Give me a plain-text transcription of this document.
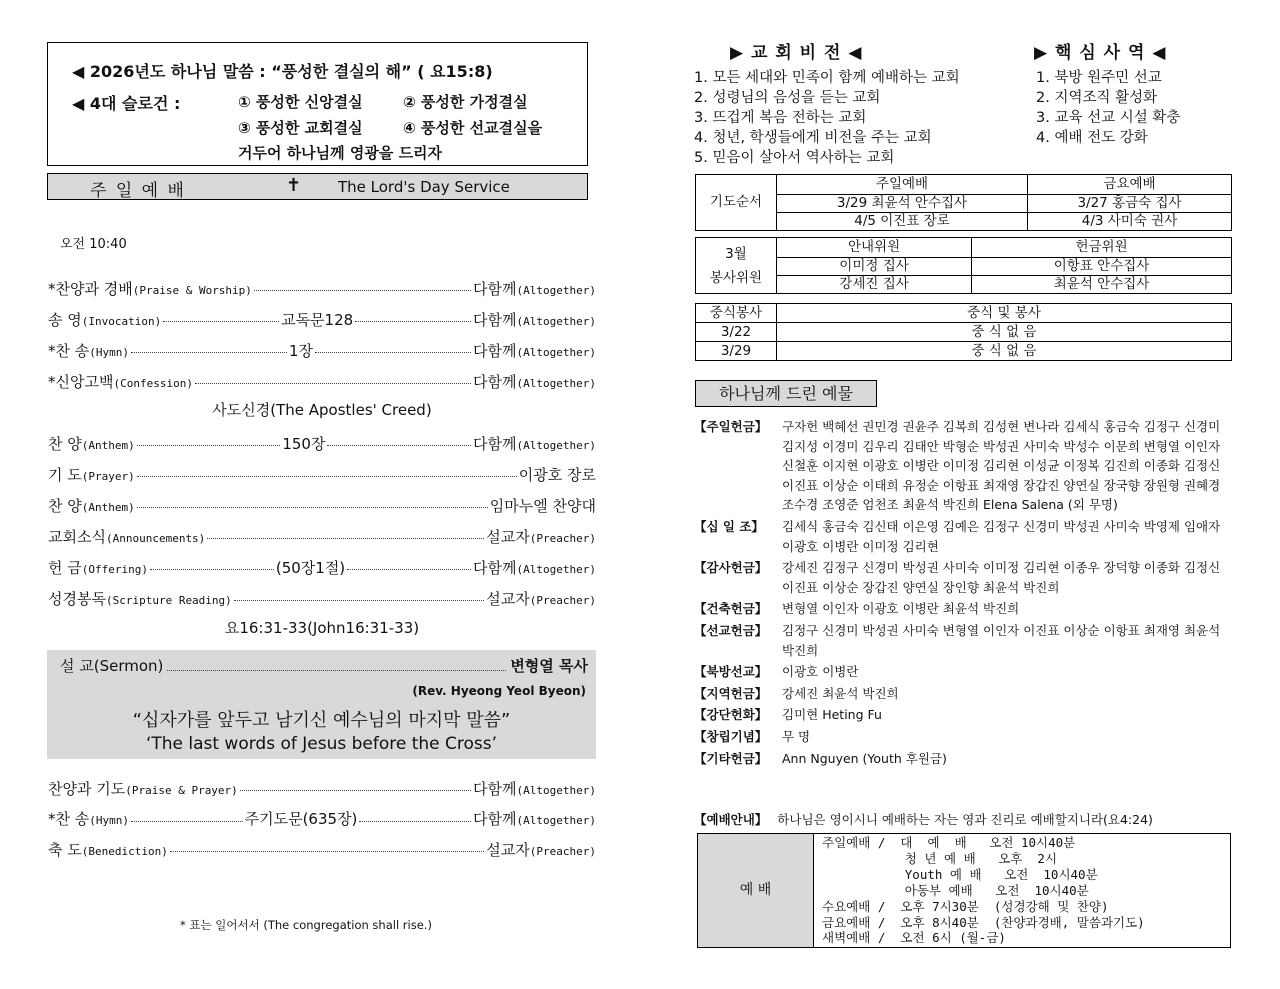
◀ 2026년도 하나님 말씀 : “풍성한 결실의 해” ( 요15:8)
◀ 4대 슬로건 :	① 풍성한 신앙결실	② 풍성한 가정결실
③ 풍성한 교회결실	④ 풍성한 선교결실을
거두어 하나님께 영광을 드리자
주 일 예 배	✝ The Lord's Day Service
오전 10:40
*찬양과 경배(Praise & Worship)	다함께(Altogether)
송 영(Invocation)	교독문128	다함께(Altogether)
*찬 송(Hymn)	1장	다함께(Altogether)
*신앙고백(Confession)	다함께(Altogether)
찬 양(Anthem)	150장	다함께(Altogether)
기 도(Prayer)	이광호 장로
찬 양(Anthem)	임마누엘 찬양대
교회소식(Announcements)	설교자(Preacher)
헌 금(Offering)	(50장1절)	다함께(Altogether)
성경봉독(Scripture Reading)	설교자(Preacher)
찬양과 기도(Praise & Prayer)	다함께(Altogether)
*찬 송(Hymn)	주기도문(635장)	다함께(Altogether)
축 도(Benediction)	설교자(Preacher)
사도신경(The Apostles' Creed)
요16:31-33(John16:31-33)
설 교(Sermon)	변형열 목사
(Rev. Hyeong Yeol Byeon)
“십자가를 앞두고 남기신 예수님의 마지막 말씀”
‘The last words of Jesus before the Cross’
* 표는 일어서서 (The congregation shall rise.)
▶ 교 회 비 전 ◀
1. 모든 세대와 민족이 함께 예배하는 교회
2. 성령님의 음성을 듣는 교회
3. 뜨겁게 복음 전하는 교회
4. 청년, 학생들에게 비전을 주는 교회
5. 믿음이 살아서 역사하는 교회
▶ 핵 심 사 역 ◀
1. 북방 원주민 선교
2. 지역조직 활성화
3. 교육 선교 시설 확충
4. 예배 전도 강화
기도순서	주일예배	금요예배
	3/29 최윤석 안수집사	3/27 홍금숙 집사
	4/5 이진표 장로	4/3 사미숙 권사
3월
봉사위원	안내위원	헌금위원
	이미정 집사	이항표 안수집사
	강세진 집사	최윤석 안수집사
중식봉사	중식 및 봉사
3/22	중 식 없 음
3/29	중 식 없 음
하나님께 드린 예물
【주일헌금】 구자헌 백혜선 권민경 권윤주 김복희 김성현 변나라 김세식 홍금숙 김정구 신경미 김지성 이경미 김우리 김태안 박형순 박성권 사미숙 박성수 이문희 변형열 이인자 신철훈 이지현 이광호 이병란 이미정 김리현 이성균 이정복 김진희 이종화 김정신 이진표 이상순 이태희 유정순 이항표 최재영 장갑진 양연실 장국향 장원형 권혜경 조수경 조영준 엄천조 최윤석 박진희 Elena Salena (외 무명)
【십 일 조】 김세식 홍금숙 김신태 이은영 김예은 김정구 신경미 박성권 사미숙 박영제 임애자 이광호 이병란 이미정 김리현
【감사헌금】 강세진 김정구 신경미 박성권 사미숙 이미정 김리현 이종우 장덕향 이종화 김정신 이진표 이상순 장갑진 양연실 장인향 최윤석 박진희
【건축헌금】 변형열 이인자 이광호 이병란 최윤석 박진희
【선교헌금】 김정구 신경미 박성권 사미숙 변형열 이인자 이진표 이상순 이항표 최재영 최윤석 박진희
【북방선교】 이광호 이병란
【지역헌금】 강세진 최윤석 박진희
【강단헌화】 김미현 Heting Fu
【창립기념】 무 명
【기타헌금】 Ann Nguyen (Youth 후원금)
【예배안내】 하나님은 영이시니 예배하는 자는 영과 진리로 예배할지니라(요4:24)
예 배
주일예배 /  대  예  배   오전 10시40분
청 년 예 배   오후  2시
Youth 예 배   오전  10시40분
아동부 예배   오전  10시40분
수요예배 /  오후 7시30분  (성경강해 및 찬양)
금요예배 /  오후 8시40분  (찬양과경배, 말씀과기도)
새벽예배 /  오전 6시 (월-금)
